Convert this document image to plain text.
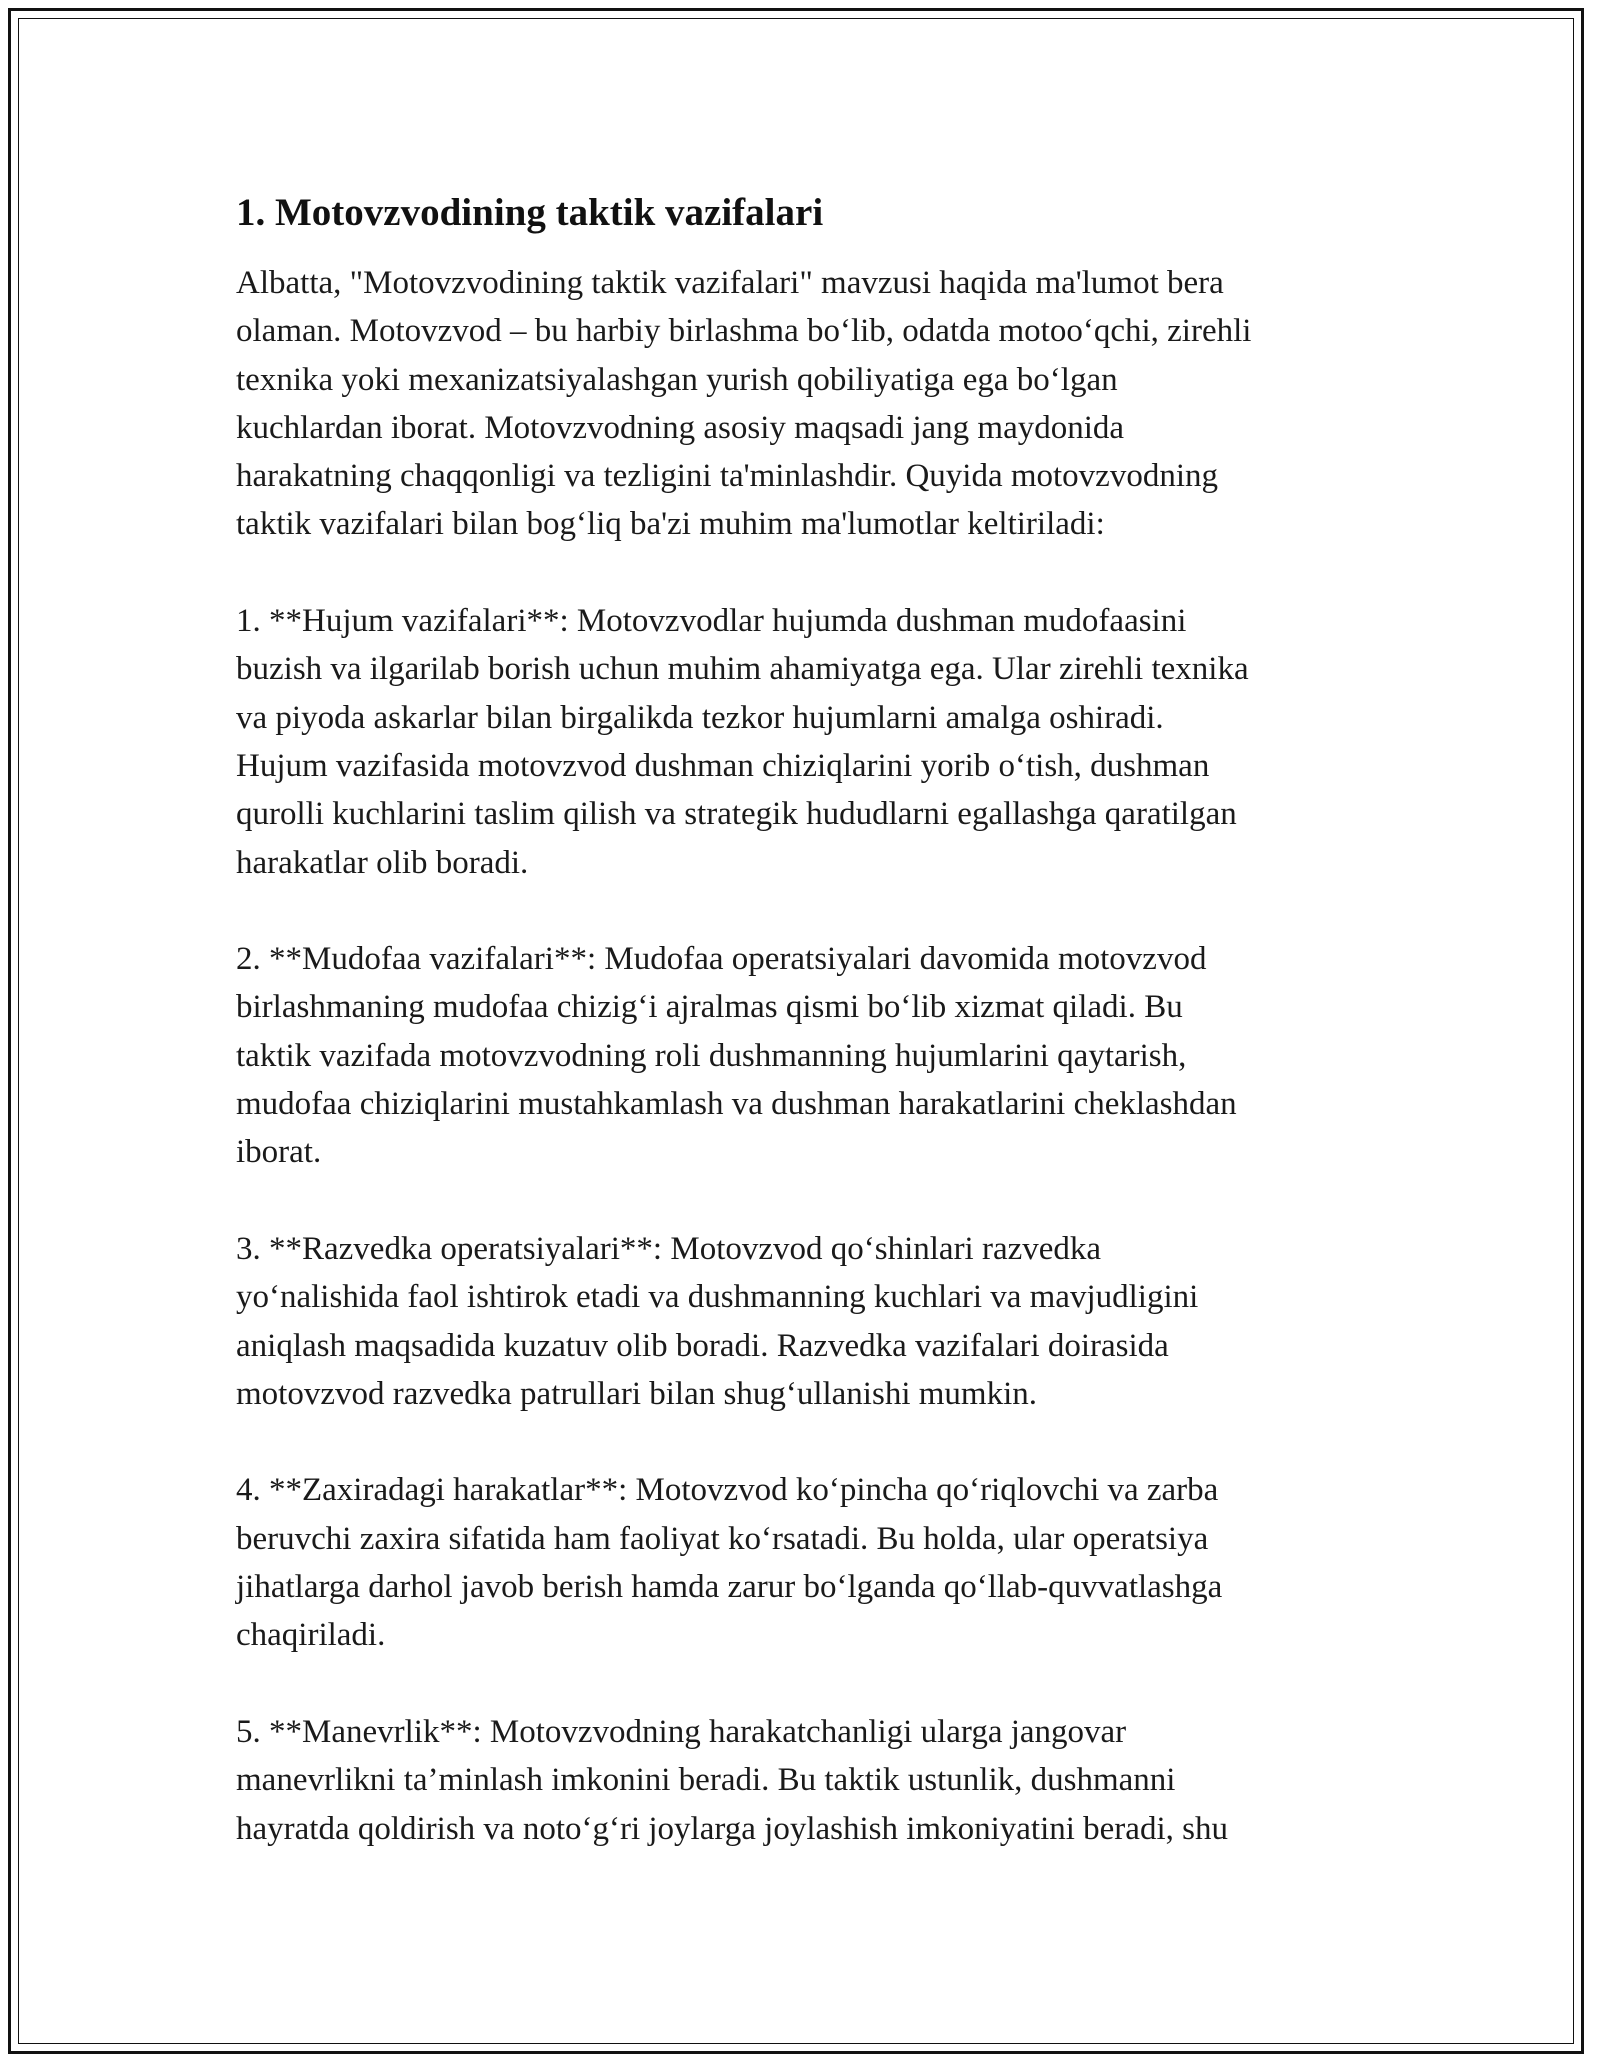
1. Motovzvodining taktik vazifalari

Albatta, "Motovzvodining taktik vazifalari" mavzusi haqida ma'lumot bera
olaman. Motovzvod – bu harbiy birlashma boʻlib, odatda motooʻqchi, zirehli
texnika yoki mexanizatsiyalashgan yurish qobiliyatiga ega boʻlgan
kuchlardan iborat. Motovzvodning asosiy maqsadi jang maydonida
harakatning chaqqonligi va tezligini ta'minlashdir. Quyida motovzvodning
taktik vazifalari bilan bogʻliq ba'zi muhim ma'lumotlar keltiriladi:

1. **Hujum vazifalari**: Motovzvodlar hujumda dushman mudofaasini
buzish va ilgarilab borish uchun muhim ahamiyatga ega. Ular zirehli texnika
va piyoda askarlar bilan birgalikda tezkor hujumlarni amalga oshiradi.
Hujum vazifasida motovzvod dushman chiziqlarini yorib oʻtish, dushman
qurolli kuchlarini taslim qilish va strategik hududlarni egallashga qaratilgan
harakatlar olib boradi.

2. **Mudofaa vazifalari**: Mudofaa operatsiyalari davomida motovzvod
birlashmaning mudofaa chizigʻi ajralmas qismi boʻlib xizmat qiladi. Bu
taktik vazifada motovzvodning roli dushmanning hujumlarini qaytarish,
mudofaa chiziqlarini mustahkamlash va dushman harakatlarini cheklashdan
iborat.

3. **Razvedka operatsiyalari**: Motovzvod qoʻshinlari razvedka
yoʻnalishida faol ishtirok etadi va dushmanning kuchlari va mavjudligini
aniqlash maqsadida kuzatuv olib boradi. Razvedka vazifalari doirasida
motovzvod razvedka patrullari bilan shugʻullanishi mumkin.

4. **Zaxiradagi harakatlar**: Motovzvod koʻpincha qoʻriqlovchi va zarba
beruvchi zaxira sifatida ham faoliyat koʻrsatadi. Bu holda, ular operatsiya
jihatlarga darhol javob berish hamda zarur boʻlganda qoʻllab-quvvatlashga
chaqiriladi.

5. **Manevrlik**: Motovzvodning harakatchanligi ularga jangovar
manevrlikni ta’minlash imkonini beradi. Bu taktik ustunlik, dushmanni
hayratda qoldirish va notoʻgʻri joylarga joylashish imkoniyatini beradi, shu
